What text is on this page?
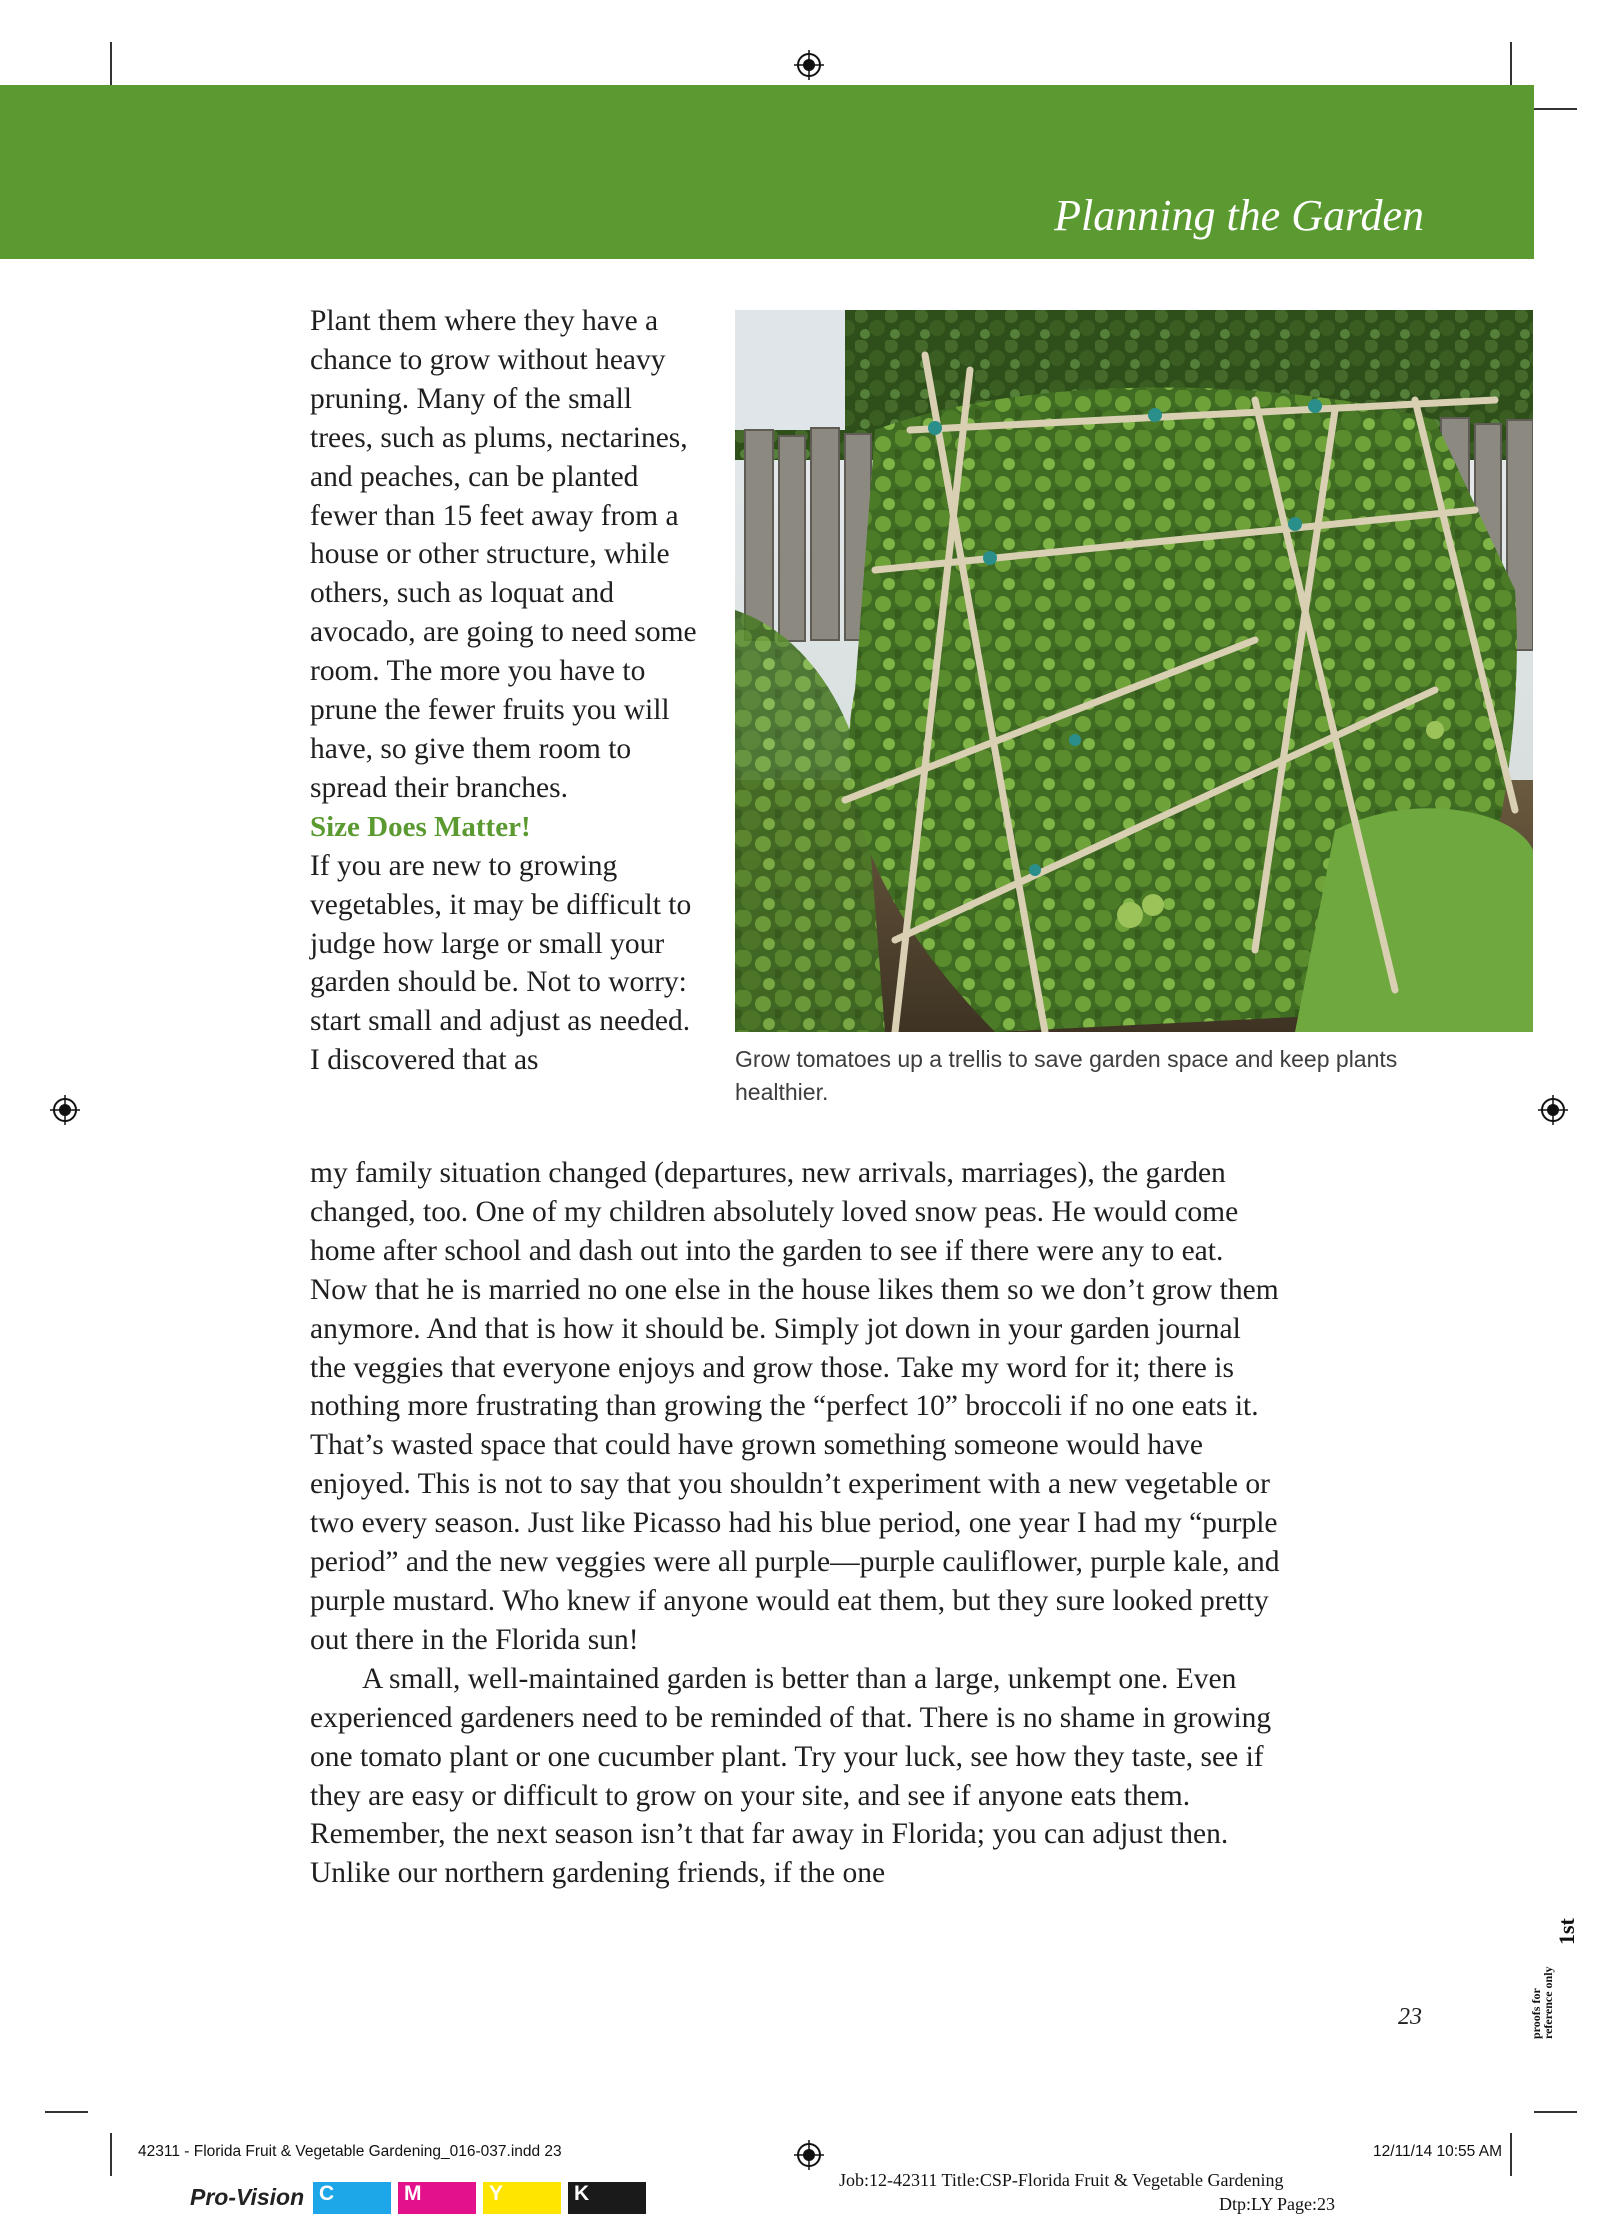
Planning the Garden

Plant them where they have a chance to grow without heavy pruning. Many of the small trees, such as plums, nectarines, and peaches, can be planted fewer than 15 feet away from a house or other structure, while others, such as loquat and avocado, are going to need some room. The more you have to prune the fewer fruits you will have, so give them room to spread their branches.

Size Does Matter!

If you are new to growing vegetables, it may be difficult to judge how large or small your garden should be. Not to worry: start small and adjust as needed. I discovered that as	Grow tomatoes up a trellis to save garden space and keep plants healthier.

my family situation changed (departures, new arrivals, marriages), the garden changed, too. One of my children absolutely loved snow peas. He would come home after school and dash out into the garden to see if there were any to eat. Now that he is married no one else in the house likes them so we don’t grow them anymore. And that is how it should be. Simply jot down in your garden journal the veggies that everyone enjoys and grow those. Take my word for it; there is nothing more frustrating than growing the “perfect 10” broccoli if no one eats it. That’s wasted space that could have grown something someone would have enjoyed. This is not to say that you shouldn’t experiment with a new vegetable or two every season. Just like Picasso had his blue period, one year I had my “purple period” and the new veggies were all purple—purple cauliflower, purple kale, and purple mustard. Who knew if anyone would eat them, but they sure looked pretty out there in the Florida sun!

A small, well-maintained garden is better than a large, unkempt one. Even experienced gardeners need to be reminded of that. There is no shame in growing one tomato plant or one cucumber plant. Try your luck, see how they taste, see if they are easy or difficult to grow on your site, and see if anyone eats them. Remember, the next season isn’t that far away in Florida; you can adjust then. Unlike our northern gardening friends, if the one

23
1st
proofs for reference only
42311 - Florida Fruit & Vegetable Gardening_016-037.indd 23	12/11/14 10:55 AM
Job:12-42311 Title:CSP-Florida Fruit & Vegetable Gardening
Dtp:LY Page:23
Pro-Vision C	M	Y	K
